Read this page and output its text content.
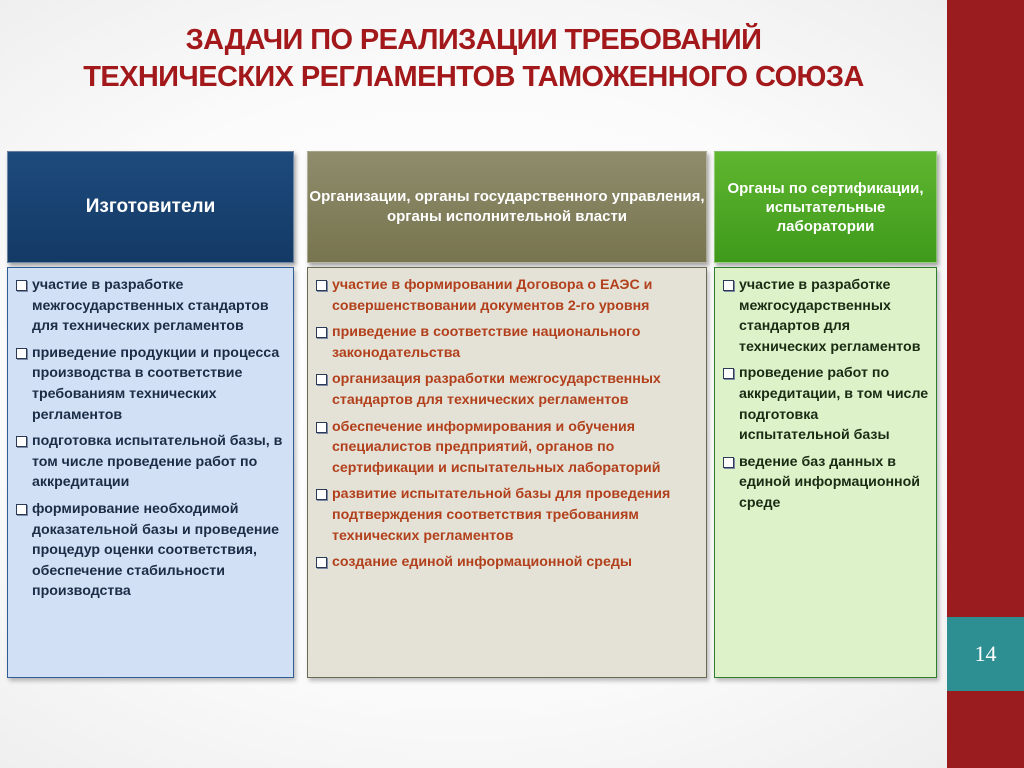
14
ЗАДАЧИ ПО РЕАЛИЗАЦИИ ТРЕБОВАНИЙ
ТЕХНИЧЕСКИХ РЕГЛАМЕНТОВ ТАМОЖЕННОГО СОЮЗА
Изготовители
участие в разработке межгосударственных стандартов для технических регламентов
приведение продукции и процесса производства в соответствие требованиям технических регламентов
подготовка испытательной базы, в том числе проведение работ по аккредитации
формирование необходимой доказательной базы и проведение процедур оценки соответствия, обеспечение стабильности производства
Организации, органы государственного управления, органы исполнительной власти
участие в формировании Договора о ЕАЭС и совершенствовании документов 2-го уровня
приведение в соответствие национального законодательства
организация разработки межгосударственных стандартов для технических регламентов
обеспечение информирования и обучения специалистов предприятий, органов по сертификации и испытательных лабораторий
развитие испытательной базы для проведения подтверждения соответствия требованиям технических регламентов
создание единой информационной среды
Органы по сертификации, испытательные лаборатории
участие в разработке межгосударственных стандартов для технических регламентов
проведение работ по аккредитации, в том числе подготовка испытательной базы
ведение баз данных в единой информационной среде
